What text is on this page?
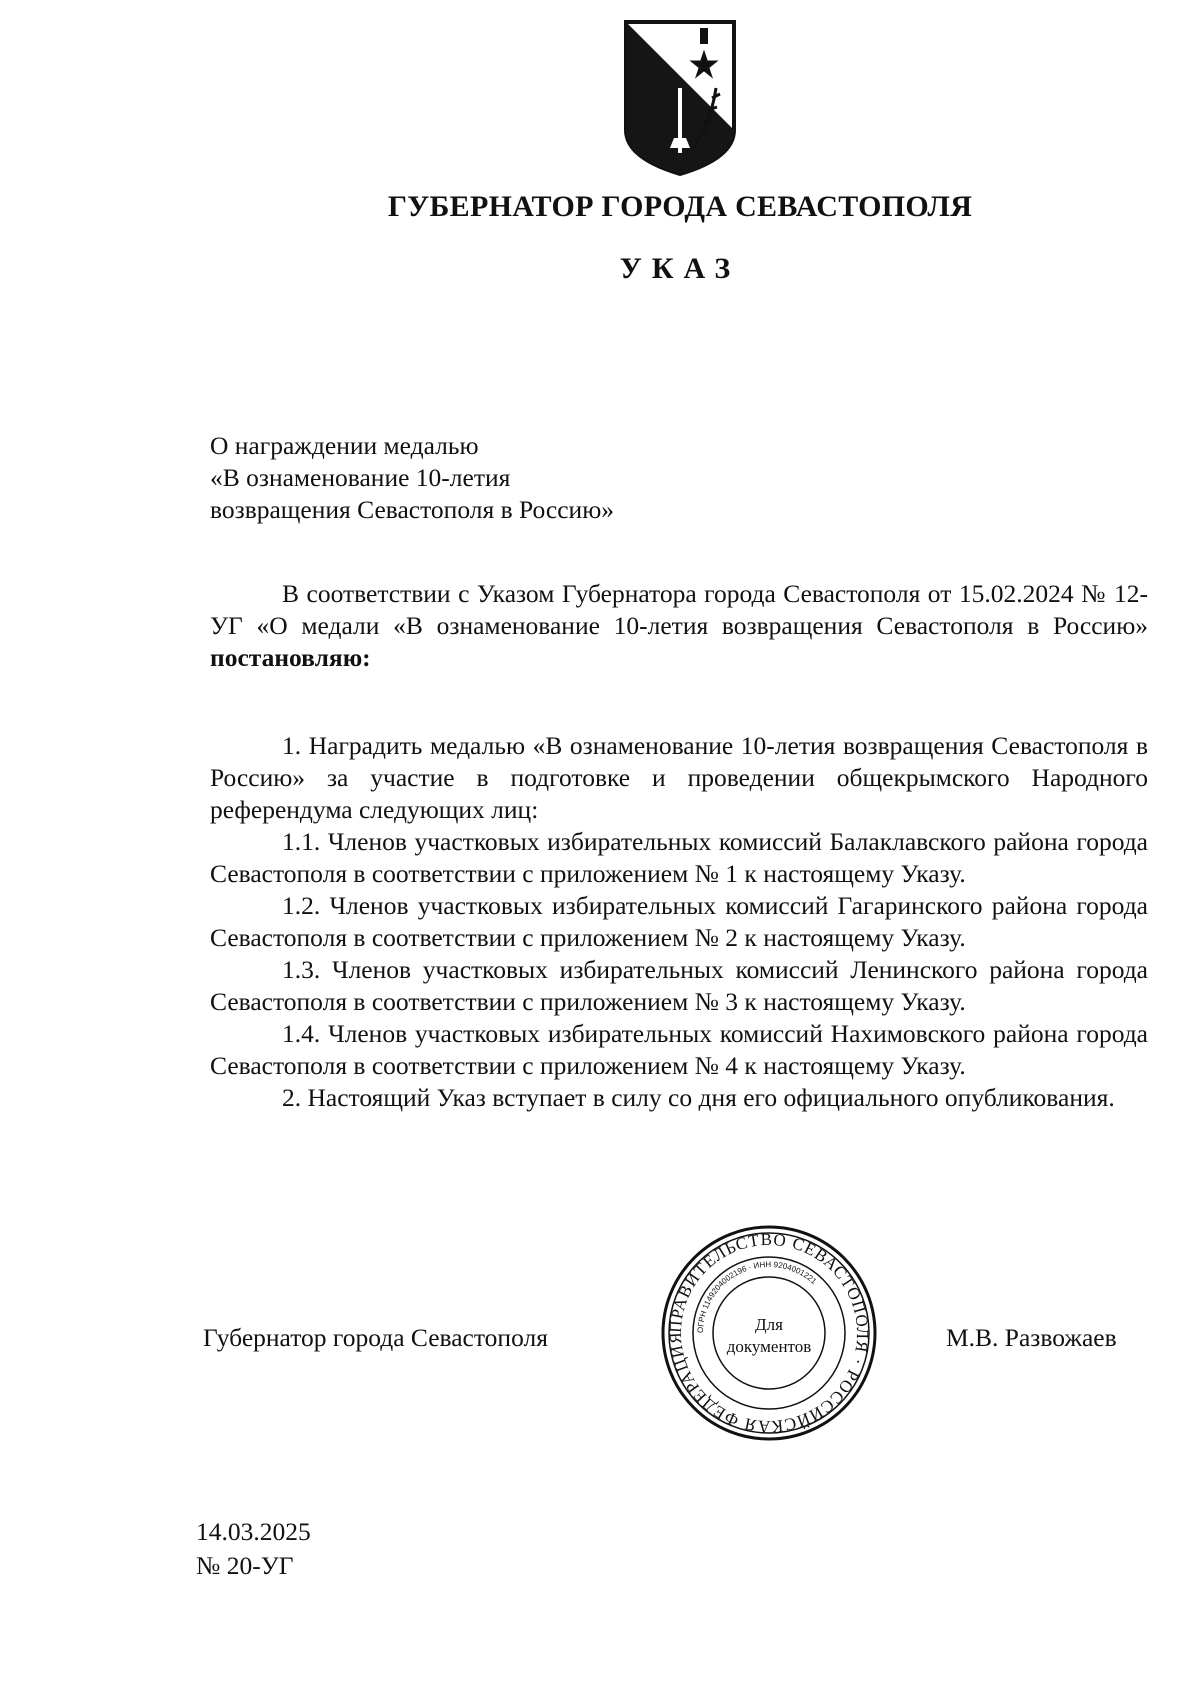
ГУБЕРНАТОР ГОРОДА СЕВАСТОПОЛЯ
УКАЗ
О награждении медалью
«В ознаменование 10-летия
возвращения Севастополя в Россию»

В соответствии с Указом Губернатора города Севастополя от 15.02.2024 № 12-УГ «О медали «В ознаменование 10-летия возвращения Севастополя в Россию» постановляю:

1. Наградить медалью «В ознаменование 10-летия возвращения Севастополя в Россию» за участие в подготовке и проведении общекрымского Народного референдума следующих лиц:

1.1. Членов участковых избирательных комиссий Балаклавского района города Севастополя в соответствии с приложением № 1 к настоящему Указу.

1.2. Членов участковых избирательных комиссий Гагаринского района города Севастополя в соответствии с приложением № 2 к настоящему Указу.

1.3. Членов участковых избирательных комиссий Ленинского района города Севастополя в соответствии с приложением № 3 к настоящему Указу.

1.4. Членов участковых избирательных комиссий Нахимовского района города Севастополя в соответствии с приложением № 4 к настоящему Указу.

2. Настоящий Указ вступает в силу со дня его официального опубликования.

Губернатор города Севастополя	ПРАВИТЕЛЬСТВО СЕВАСТОПОЛЯ · РОССИЙСКАЯ ФЕДЕРАЦИЯ
ОГРН 1149204002196 · ИНН 9204001221
Для
документов	М.В. Развожаев
14.03.2025
№ 20-УГ
